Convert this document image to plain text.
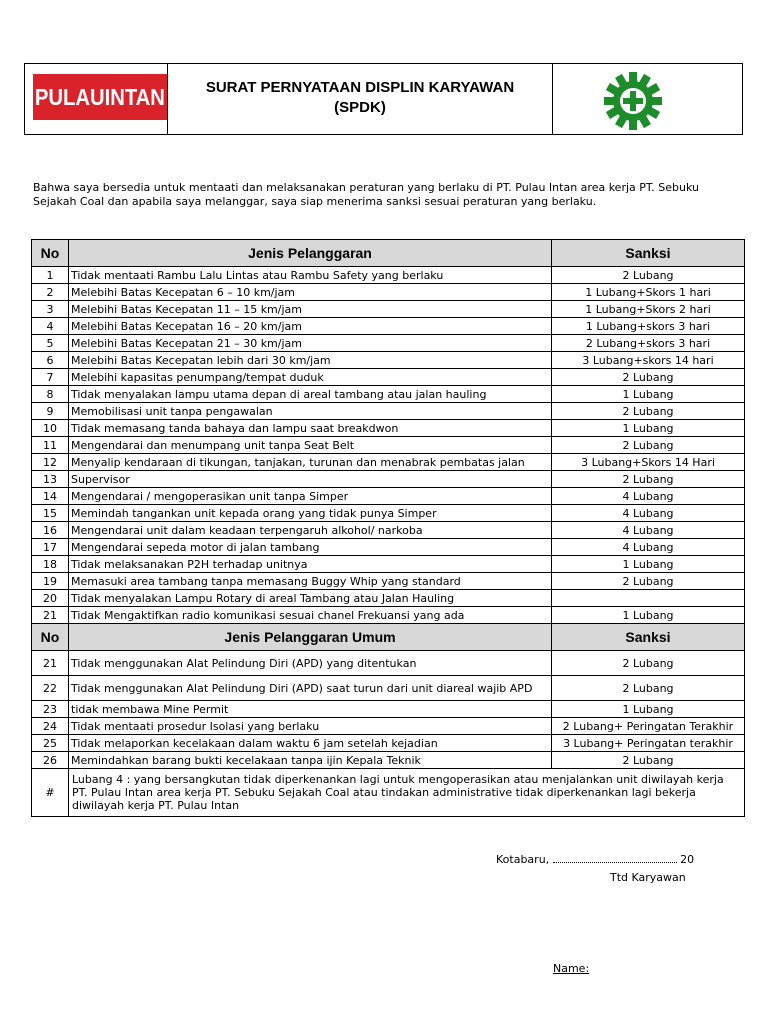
PULAUINTAN	SURAT PERNYATAAN DISPLIN KARYAWAN
(SPDK)
Bahwa saya bersedia untuk mentaati dan melaksanakan peraturan yang berlaku di PT. Pulau Intan area kerja PT. Sebuku Sejakah Coal dan apabila saya melanggar, saya siap menerima sanksi sesuai peraturan yang berlaku.
No	Jenis Pelanggaran	Sanksi
1	Tidak mentaati Rambu Lalu Lintas atau Rambu Safety yang berlaku	2 Lubang
2	Melebihi Batas Kecepatan 6 – 10 km/jam	1 Lubang+Skors 1 hari
3	Melebihi Batas Kecepatan 11 – 15 km/jam	1 Lubang+Skors 2 hari
4	Melebihi Batas Kecepatan 16 – 20 km/jam	1 Lubang+skors 3 hari
5	Melebihi Batas Kecepatan 21 – 30 km/jam	2 Lubang+skors 3 hari
6	Melebihi Batas Kecepatan lebih dari 30 km/jam	3 Lubang+skors 14 hari
7	Melebihi kapasitas penumpang/tempat duduk	2 Lubang
8	Tidak menyalakan lampu utama depan di areal tambang atau jalan hauling	1 Lubang
9	Memobilisasi unit tanpa pengawalan	2 Lubang
10	Tidak memasang tanda bahaya dan lampu saat breakdwon	1 Lubang
11	Mengendarai dan menumpang unit tanpa Seat Belt	2 Lubang
12	Menyalip kendaraan di tikungan, tanjakan, turunan dan menabrak pembatas jalan	3 Lubang+Skors 14 Hari
13	Supervisor	2 Lubang
14	Mengendarai / mengoperasikan unit tanpa Simper	4 Lubang
15	Memindah tangankan unit kepada orang yang tidak punya Simper	4 Lubang
16	Mengendarai unit dalam keadaan terpengaruh alkohol/ narkoba	4 Lubang
17	Mengendarai sepeda motor di jalan tambang	4 Lubang
18	Tidak melaksanakan P2H terhadap unitnya	1 Lubang
19	Memasuki area tambang tanpa memasang Buggy Whip yang standard	2 Lubang
20	Tidak menyalakan Lampu Rotary di areal Tambang atau Jalan Hauling	
21	Tidak Mengaktifkan radio komunikasi sesuai chanel Frekuansi yang ada	1 Lubang
No	Jenis Pelanggaran Umum	Sanksi
21	Tidak menggunakan Alat Pelindung Diri (APD) yang ditentukan	2 Lubang
22	Tidak menggunakan Alat Pelindung Diri (APD) saat turun dari unit diareal wajib APD	2 Lubang
23	tidak membawa Mine Permit	1 Lubang
24	Tidak mentaati prosedur Isolasi yang berlaku	2 Lubang+ Peringatan Terakhir
25	Tidak melaporkan kecelakaan dalam waktu 6 jam setelah kejadian	3 Lubang+ Peringatan terakhir
26	Memindahkan barang bukti kecelakaan tanpa ijin Kepala Teknik	2 Lubang
#	Lubang 4 : yang bersangkutan tidak diperkenankan lagi untuk mengoperasikan atau menjalankan unit diwilayah kerja PT. Pulau Intan area kerja PT. Sebuku Sejakah Coal atau tindakan administrative tidak diperkenankan lagi bekerja diwilayah kerja PT. Pulau Intan	
Kotabaru,	20
Ttd Karyawan
Name:
